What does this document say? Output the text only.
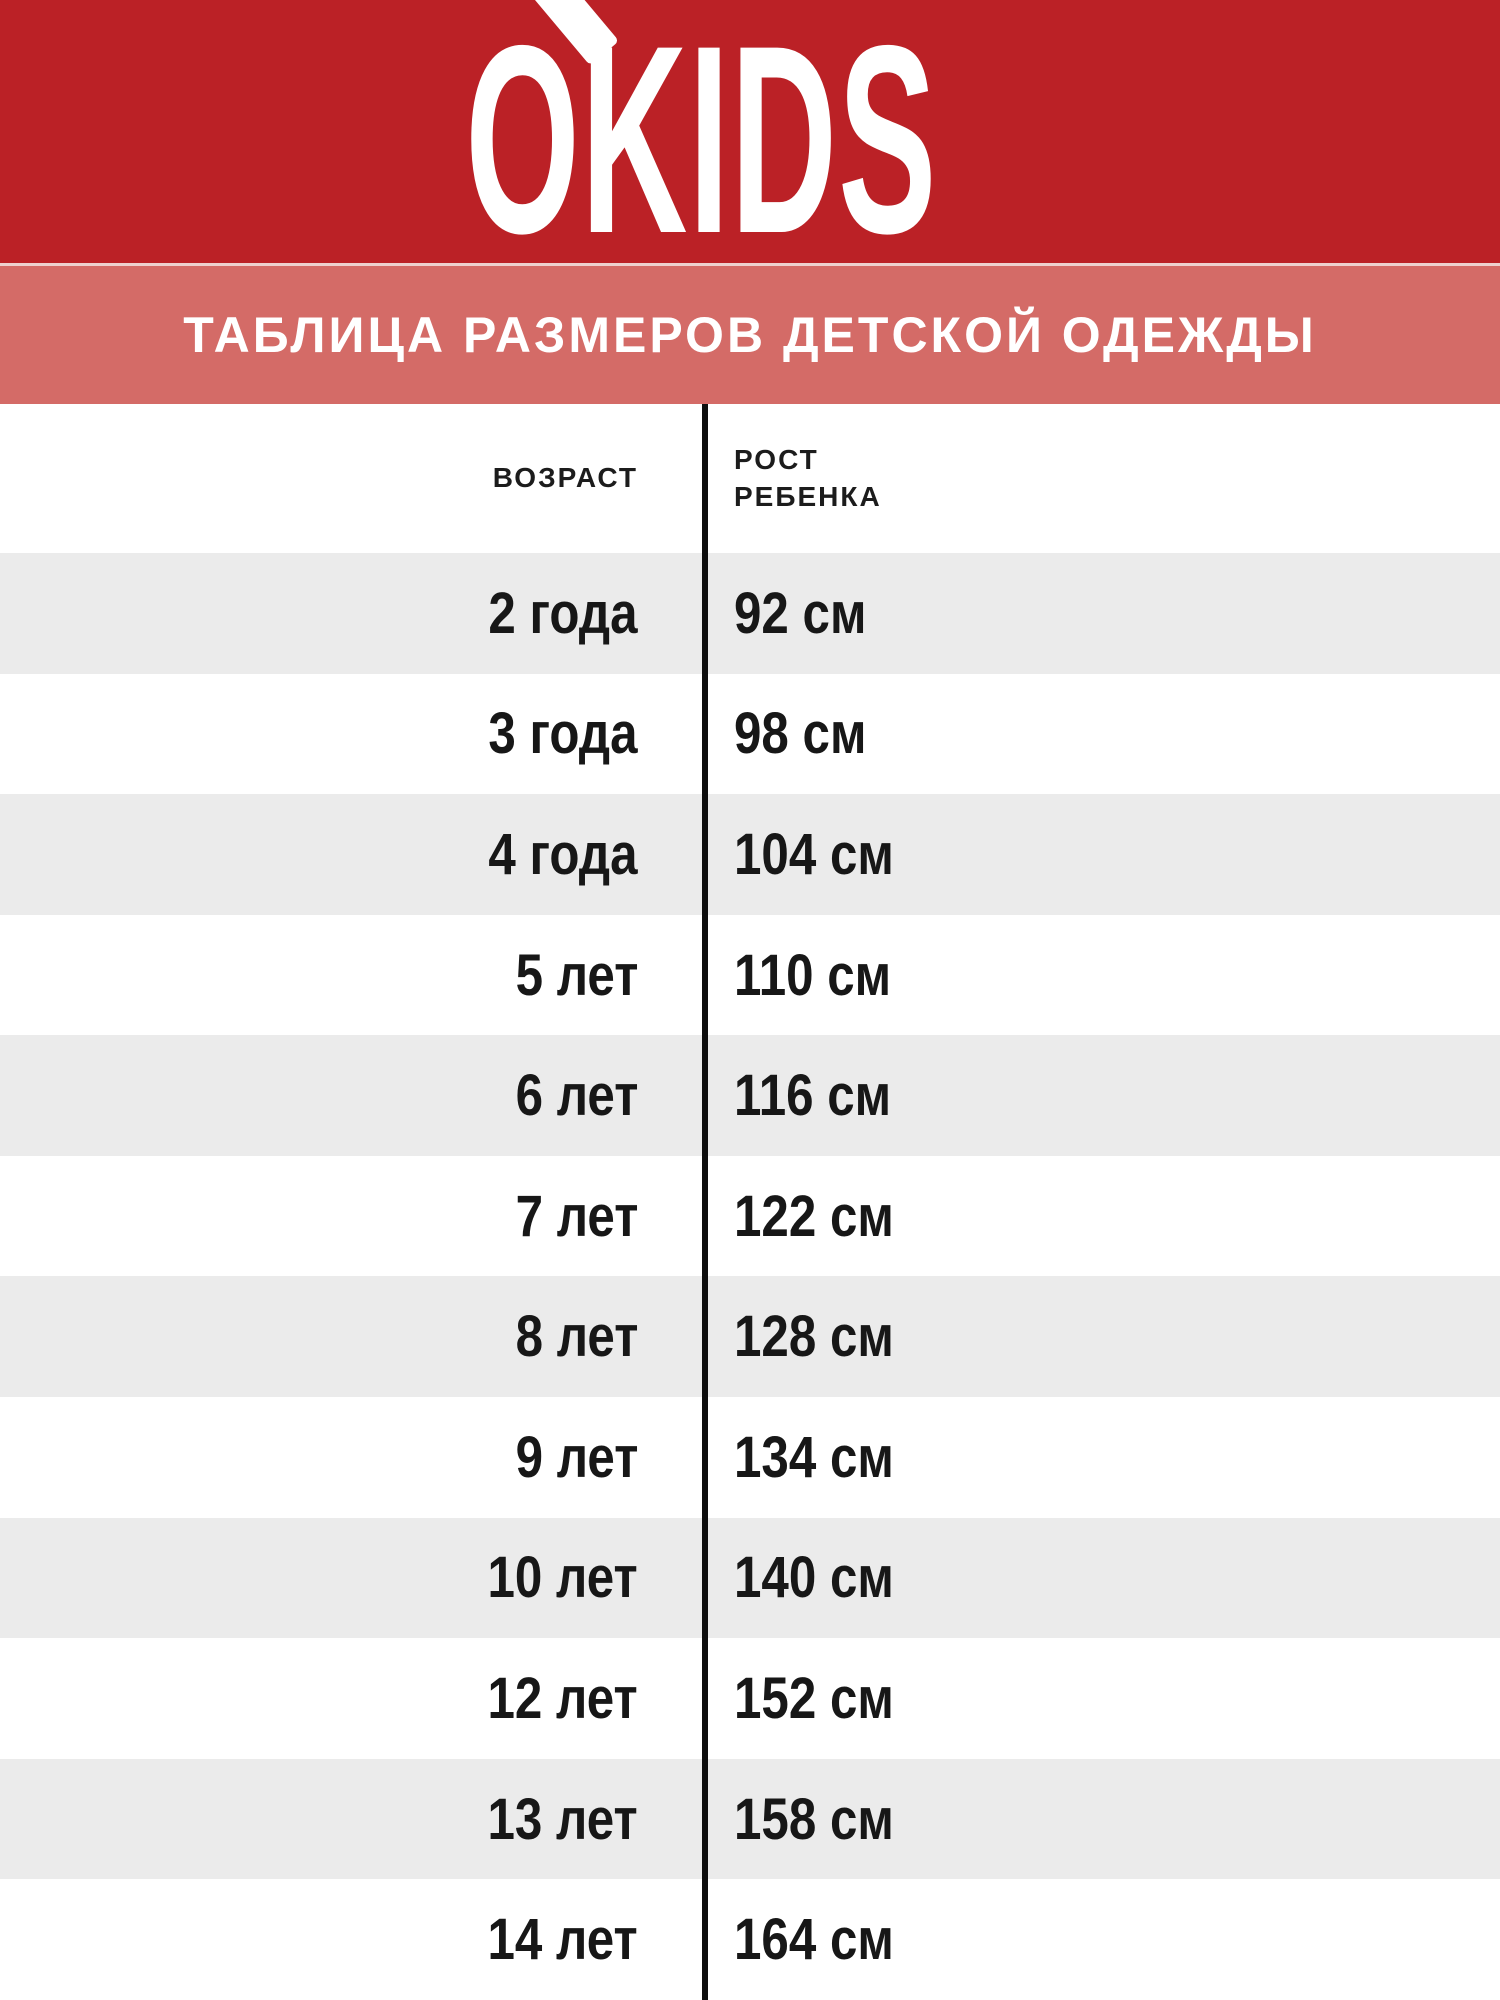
OKIDS
ТАБЛИЦА РАЗМЕРОВ ДЕТСКОЙ ОДЕЖДЫ
ВОЗРАСТ
РОСТ РЕБЕНКА
2 года 92 см
3 года 98 см
4 года 104 см
5 лет 110 см
6 лет 116 см
7 лет 122 см
8 лет 128 см
9 лет 134 см
10 лет 140 см
12 лет 152 см
13 лет 158 см
14 лет 164 см
